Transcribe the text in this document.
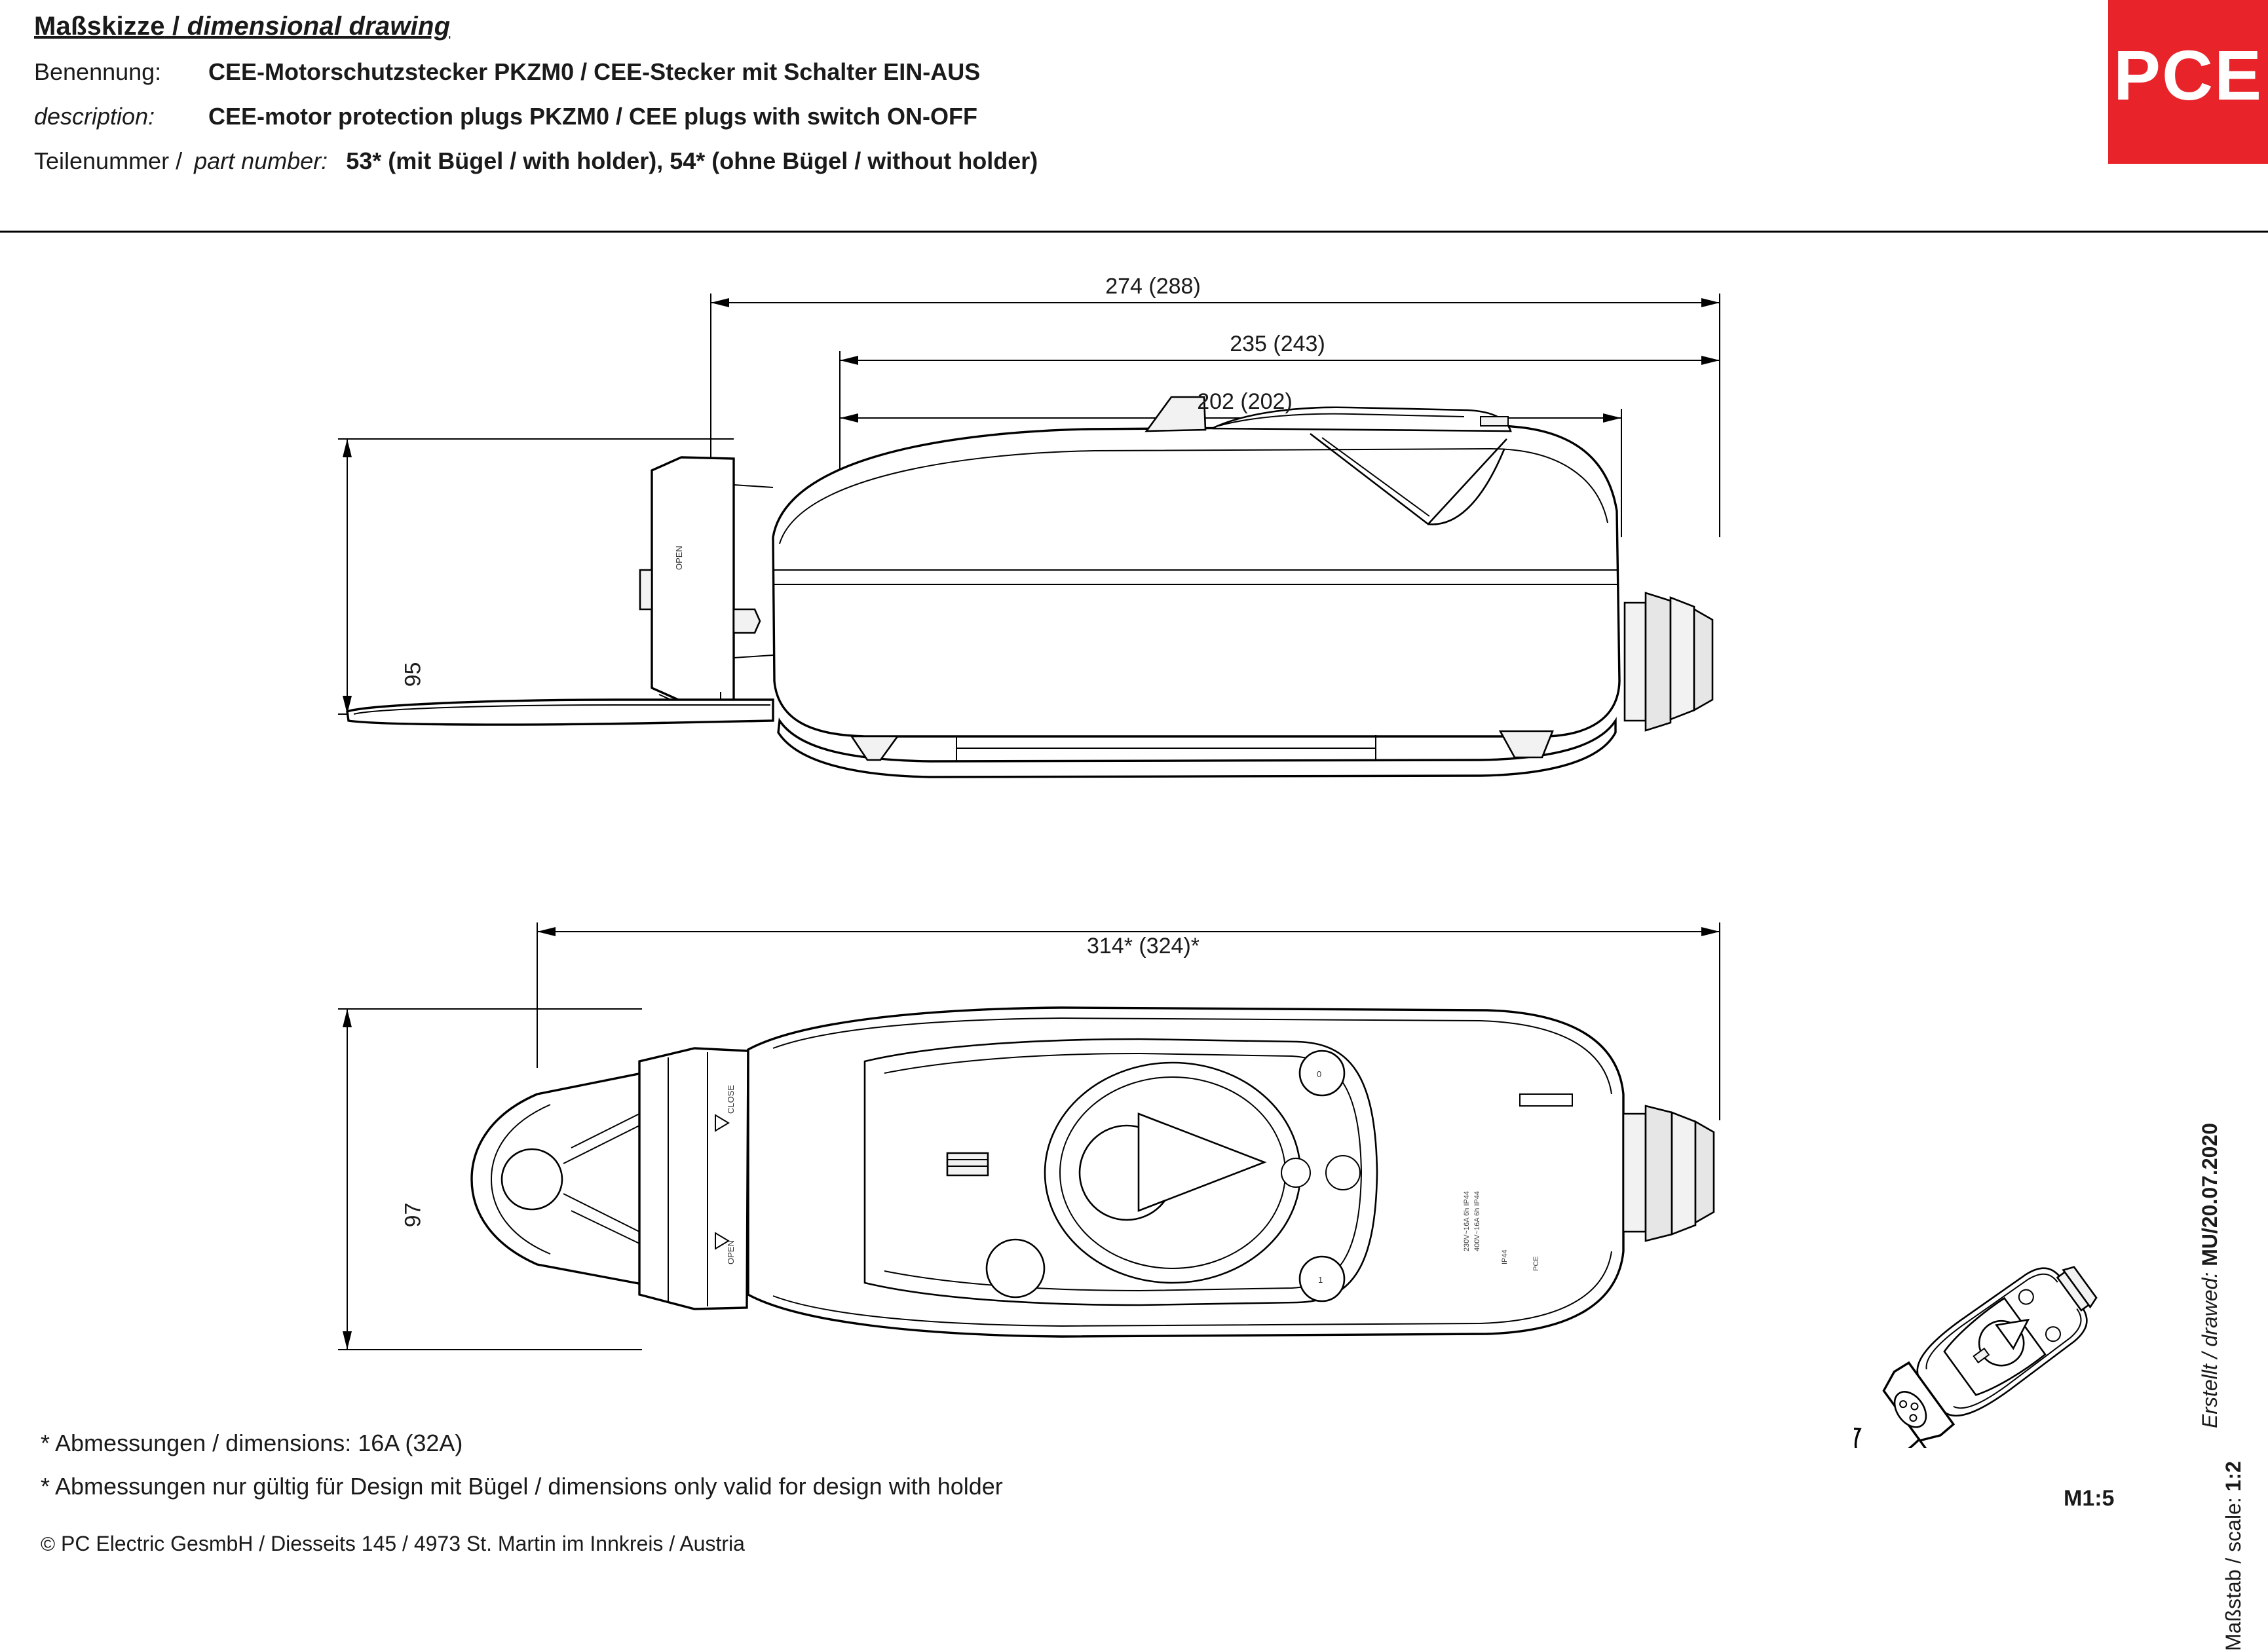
Maßskizze / dimensional drawing
Benennung:	CEE-Motorschutzstecker PKZM0 / CEE-Stecker mit Schalter EIN-AUS
description:	CEE-motor protection plugs PKZM0 / CEE plugs with switch ON-OFF
Teilenummer / part number: 53* (mit Bügel / with holder), 54* (ohne Bügel / without holder)
PCE
OPEN
274 (288)
235 (243)
202 (202)
95
CLOSE
OPEN
0
1
230V~16A 6h IP44 400V~16A 6h IP44
IP44	PCE
314* (324)*
97
M1:5
Erstellt / drawed: MU/20.07.2020
Maßstab / scale: 1:2
* Abmessungen / dimensions: 16A (32A)
* Abmessungen nur gültig für Design mit Bügel / dimensions only valid for design with holder
© PC Electric GesmbH / Diesseits 145 / 4973 St. Martin im Innkreis / Austria
